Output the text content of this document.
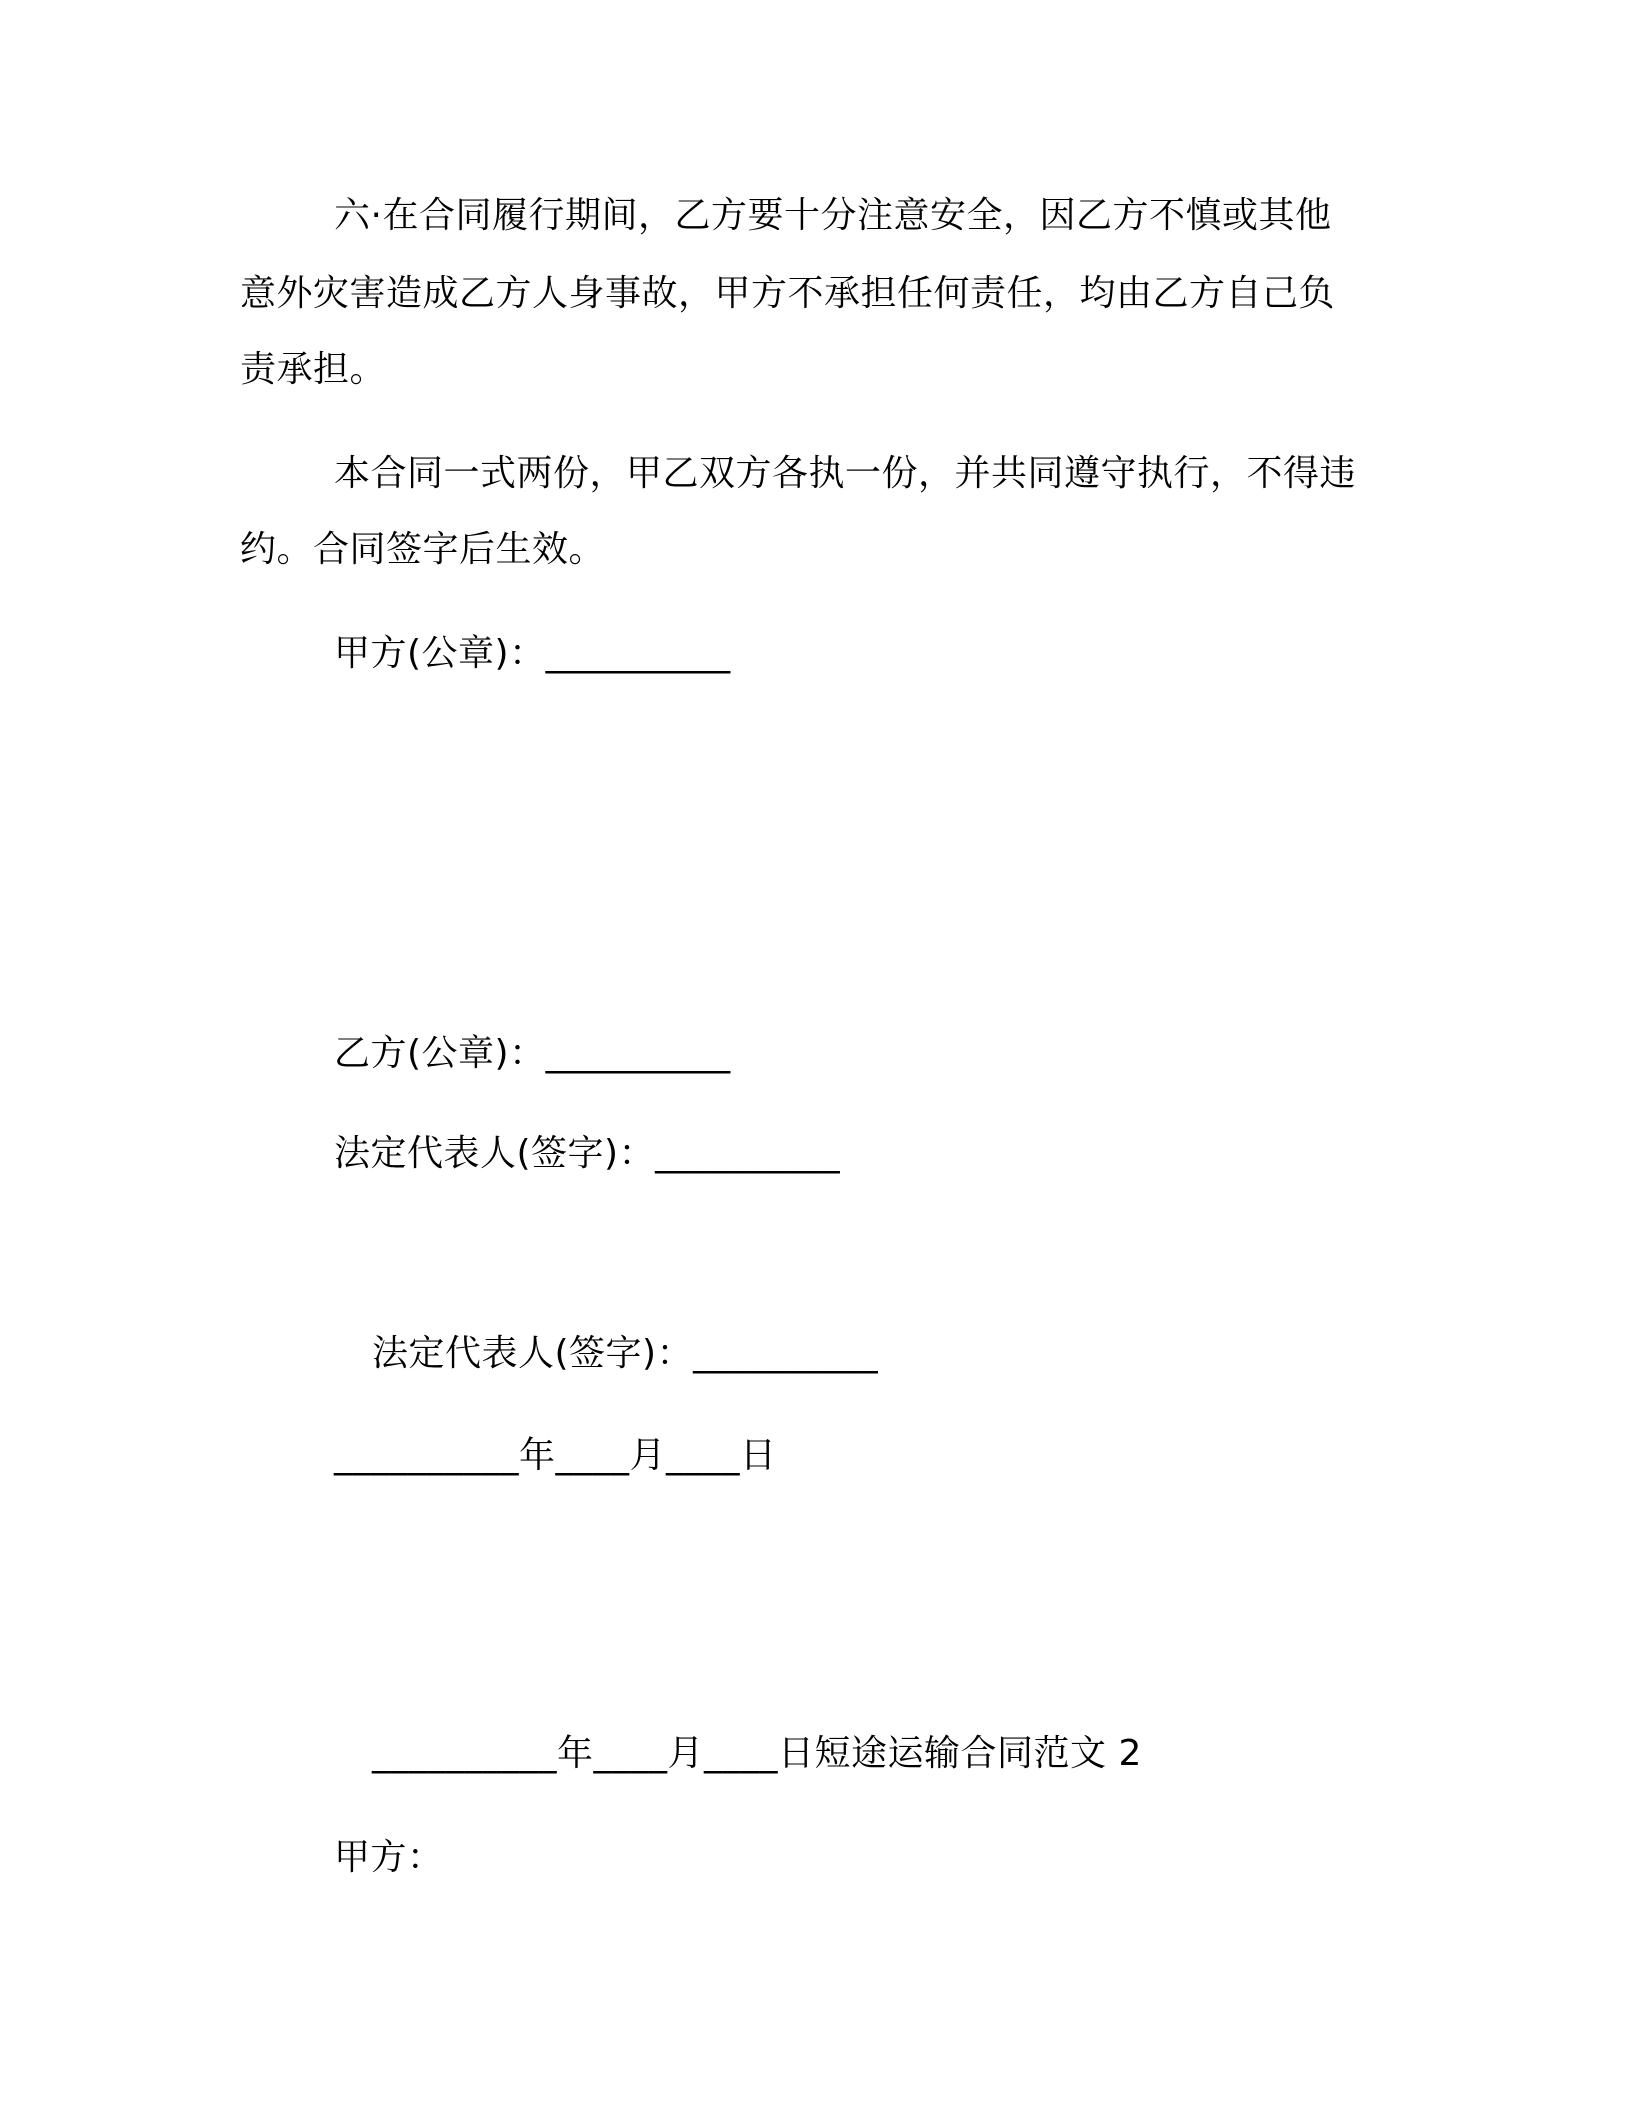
六·在合同履行期间，乙方要十分注意安全，因乙方不慎或其他
意外灾害造成乙方人身事故，甲方不承担任何责任，均由乙方自己负
责承担。
本合同一式两份，甲乙双方各执一份，并共同遵守执行，不得违
约。合同签字后生效。
甲方(公章)：__________
乙方(公章)：__________
法定代表人(签字)：__________
法定代表人(签字)：__________
__________年____月____日
__________年____月____日短途运输合同范文 2
甲方：
